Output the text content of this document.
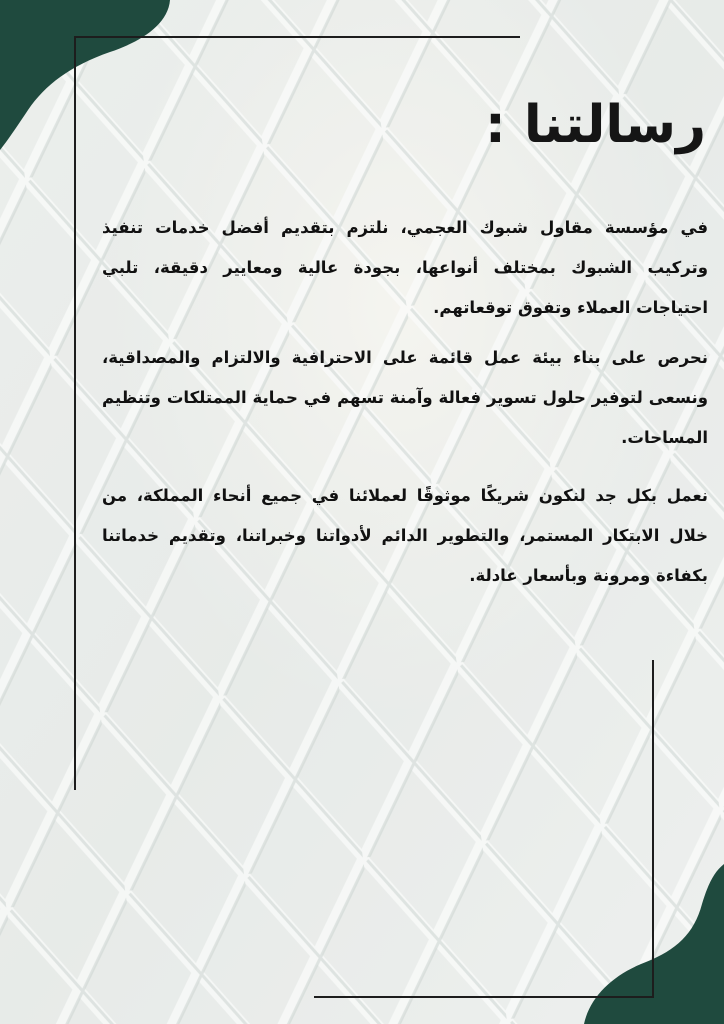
رسالتنا :

في مؤسسة مقاول شبوك العجمي، نلتزم بتقديم أفضل خدمات تنفيذ وتركيب الشبوك بمختلف أنواعها، بجودة عالية ومعايير دقيقة، تلبي احتياجات العملاء وتفوق توقعاتهم.

نحرص على بناء بيئة عمل قائمة على الاحترافية والالتزام والمصداقية، ونسعى لتوفير حلول تسوير فعالة وآمنة تسهم في حماية الممتلكات وتنظيم المساحات.

نعمل بكل جد لنكون شريكًا موثوقًا لعملائنا في جميع أنحاء المملكة، من خلال الابتكار المستمر، والتطوير الدائم لأدواتنا وخبراتنا، وتقديم خدماتنا بكفاءة ومرونة وبأسعار عادلة.
